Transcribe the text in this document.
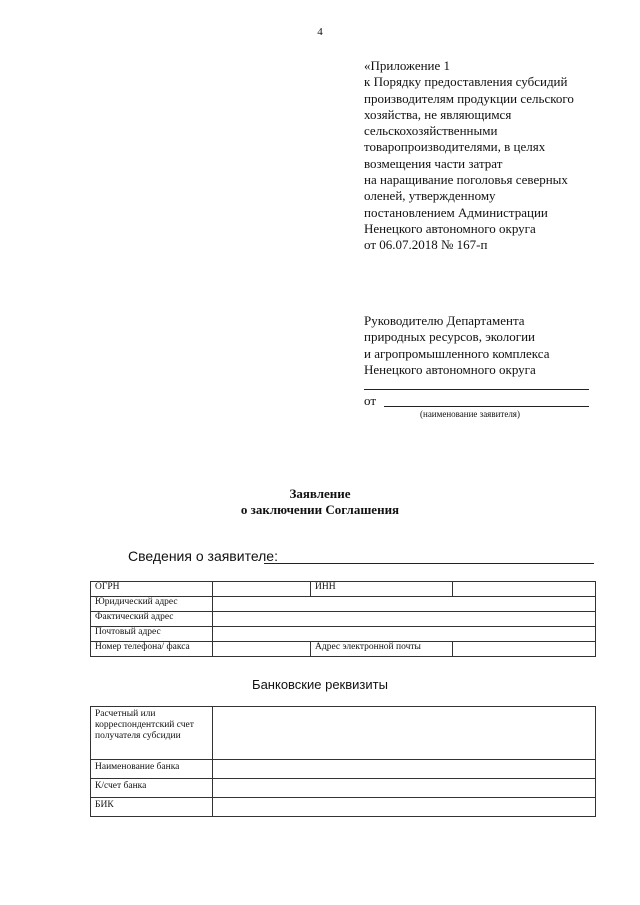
4
«Приложение 1
к Порядку предоставления субсидий
производителям продукции сельского
хозяйства, не являющимся
сельскохозяйственными
товаропроизводителями, в целях
возмещения части затрат
на наращивание поголовья северных
оленей, утвержденному
постановлением Администрации
Ненецкого автономного округа
от 06.07.2018 № 167-п
Руководителю Департамента
природных ресурсов, экологии
и агропромышленного комплекса
Ненецкого автономного округа
от
(наименование заявителя)
Заявление
о заключении Соглашения
Сведения о заявителе:
ОГРН		ИНН	
Юридический адрес			
Фактический адрес			
Почтовый адрес			
Номер телефона/ факса		Адрес электронной почты	
Банковские реквизиты
Расчетный или корреспондентский счет получателя субсидии	
Наименование банка	
К/счет банка	
БИК	
